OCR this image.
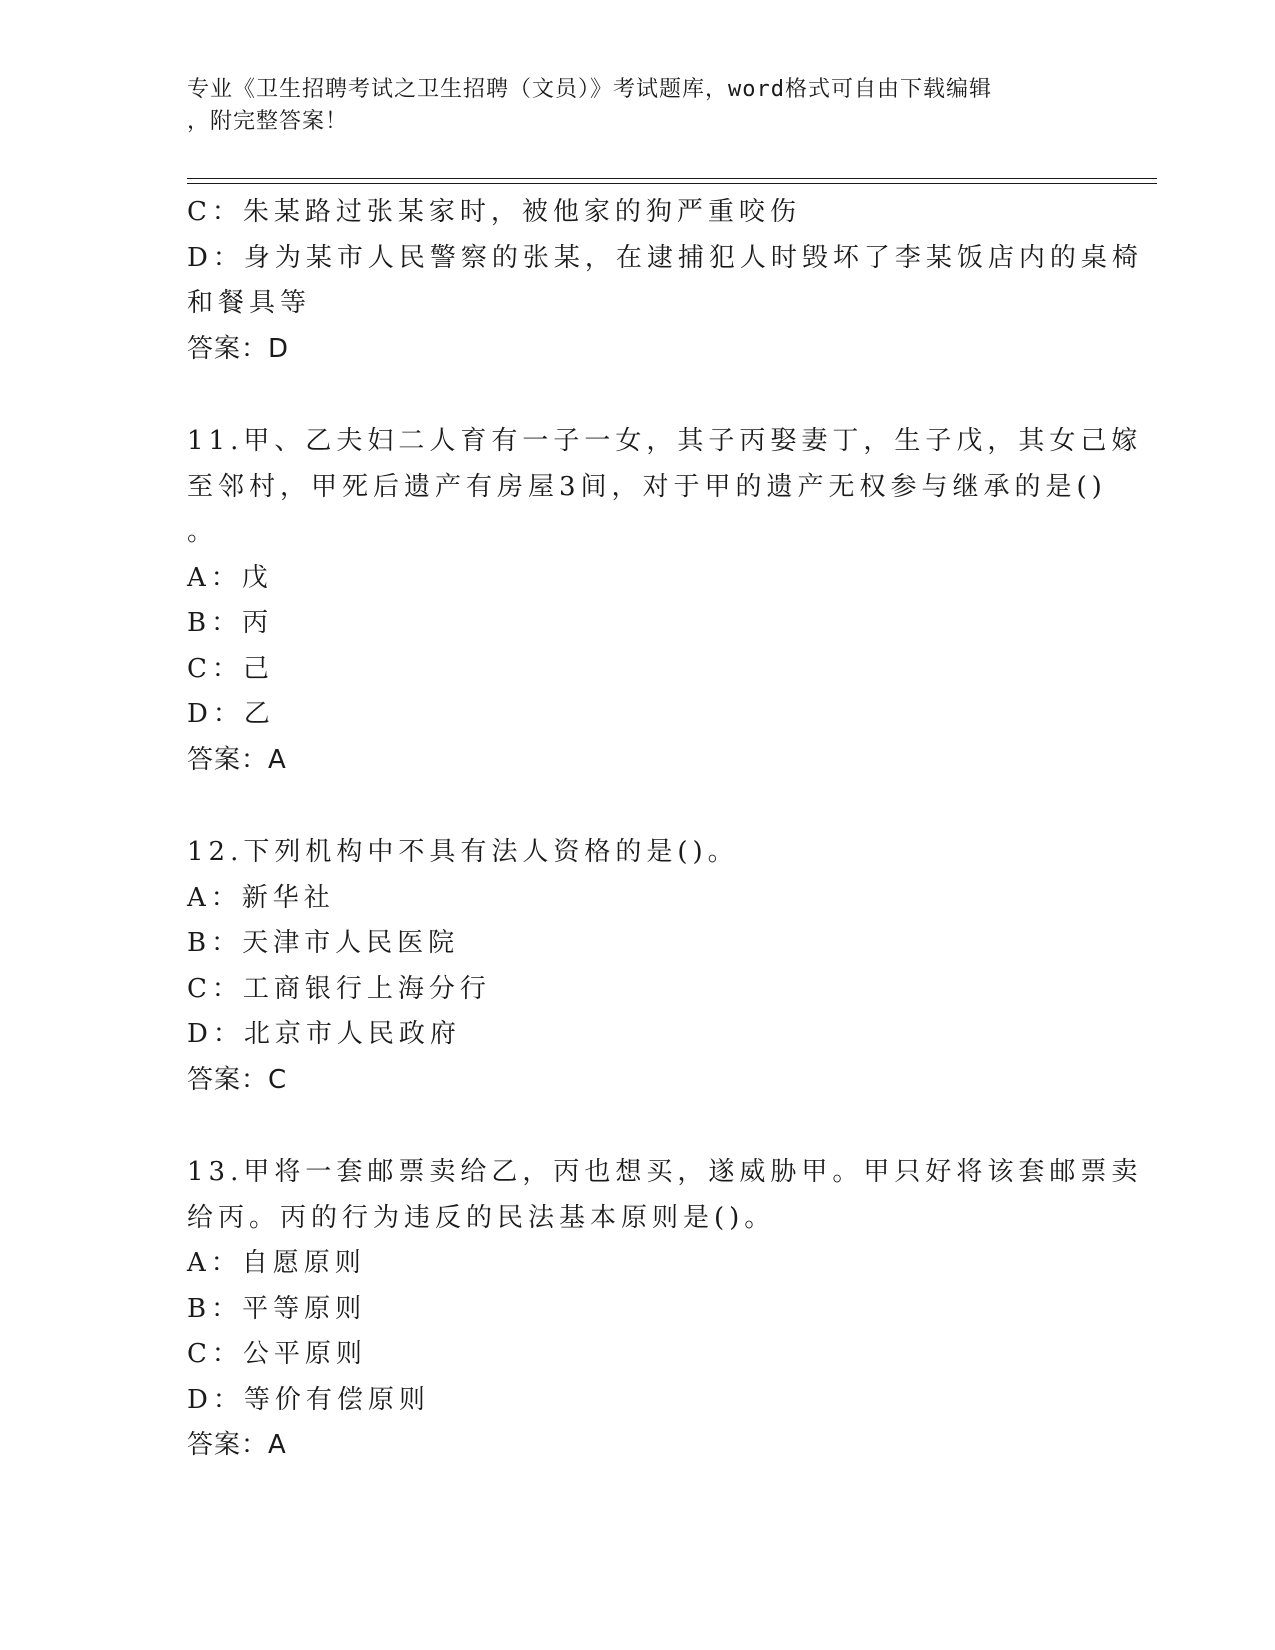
专业《卫生招聘考试之卫生招聘（文员）》考试题库，word格式可自由下载编辑
，附完整答案！
C：朱某路过张某家时，被他家的狗严重咬伤
D：身为某市人民警察的张某，在逮捕犯人时毁坏了李某饭店内的桌椅
和餐具等
答案：D
11.甲、乙夫妇二人育有一子一女，其子丙娶妻丁，生子戊，其女己嫁
至邻村，甲死后遗产有房屋3间，对于甲的遗产无权参与继承的是()
。
A：戊
B：丙
C：己
D：乙
答案：A
12.下列机构中不具有法人资格的是()。
A：新华社
B：天津市人民医院
C：工商银行上海分行
D：北京市人民政府
答案：C
13.甲将一套邮票卖给乙，丙也想买，遂威胁甲。甲只好将该套邮票卖
给丙。丙的行为违反的民法基本原则是()。
A：自愿原则
B：平等原则
C：公平原则
D：等价有偿原则
答案：A
